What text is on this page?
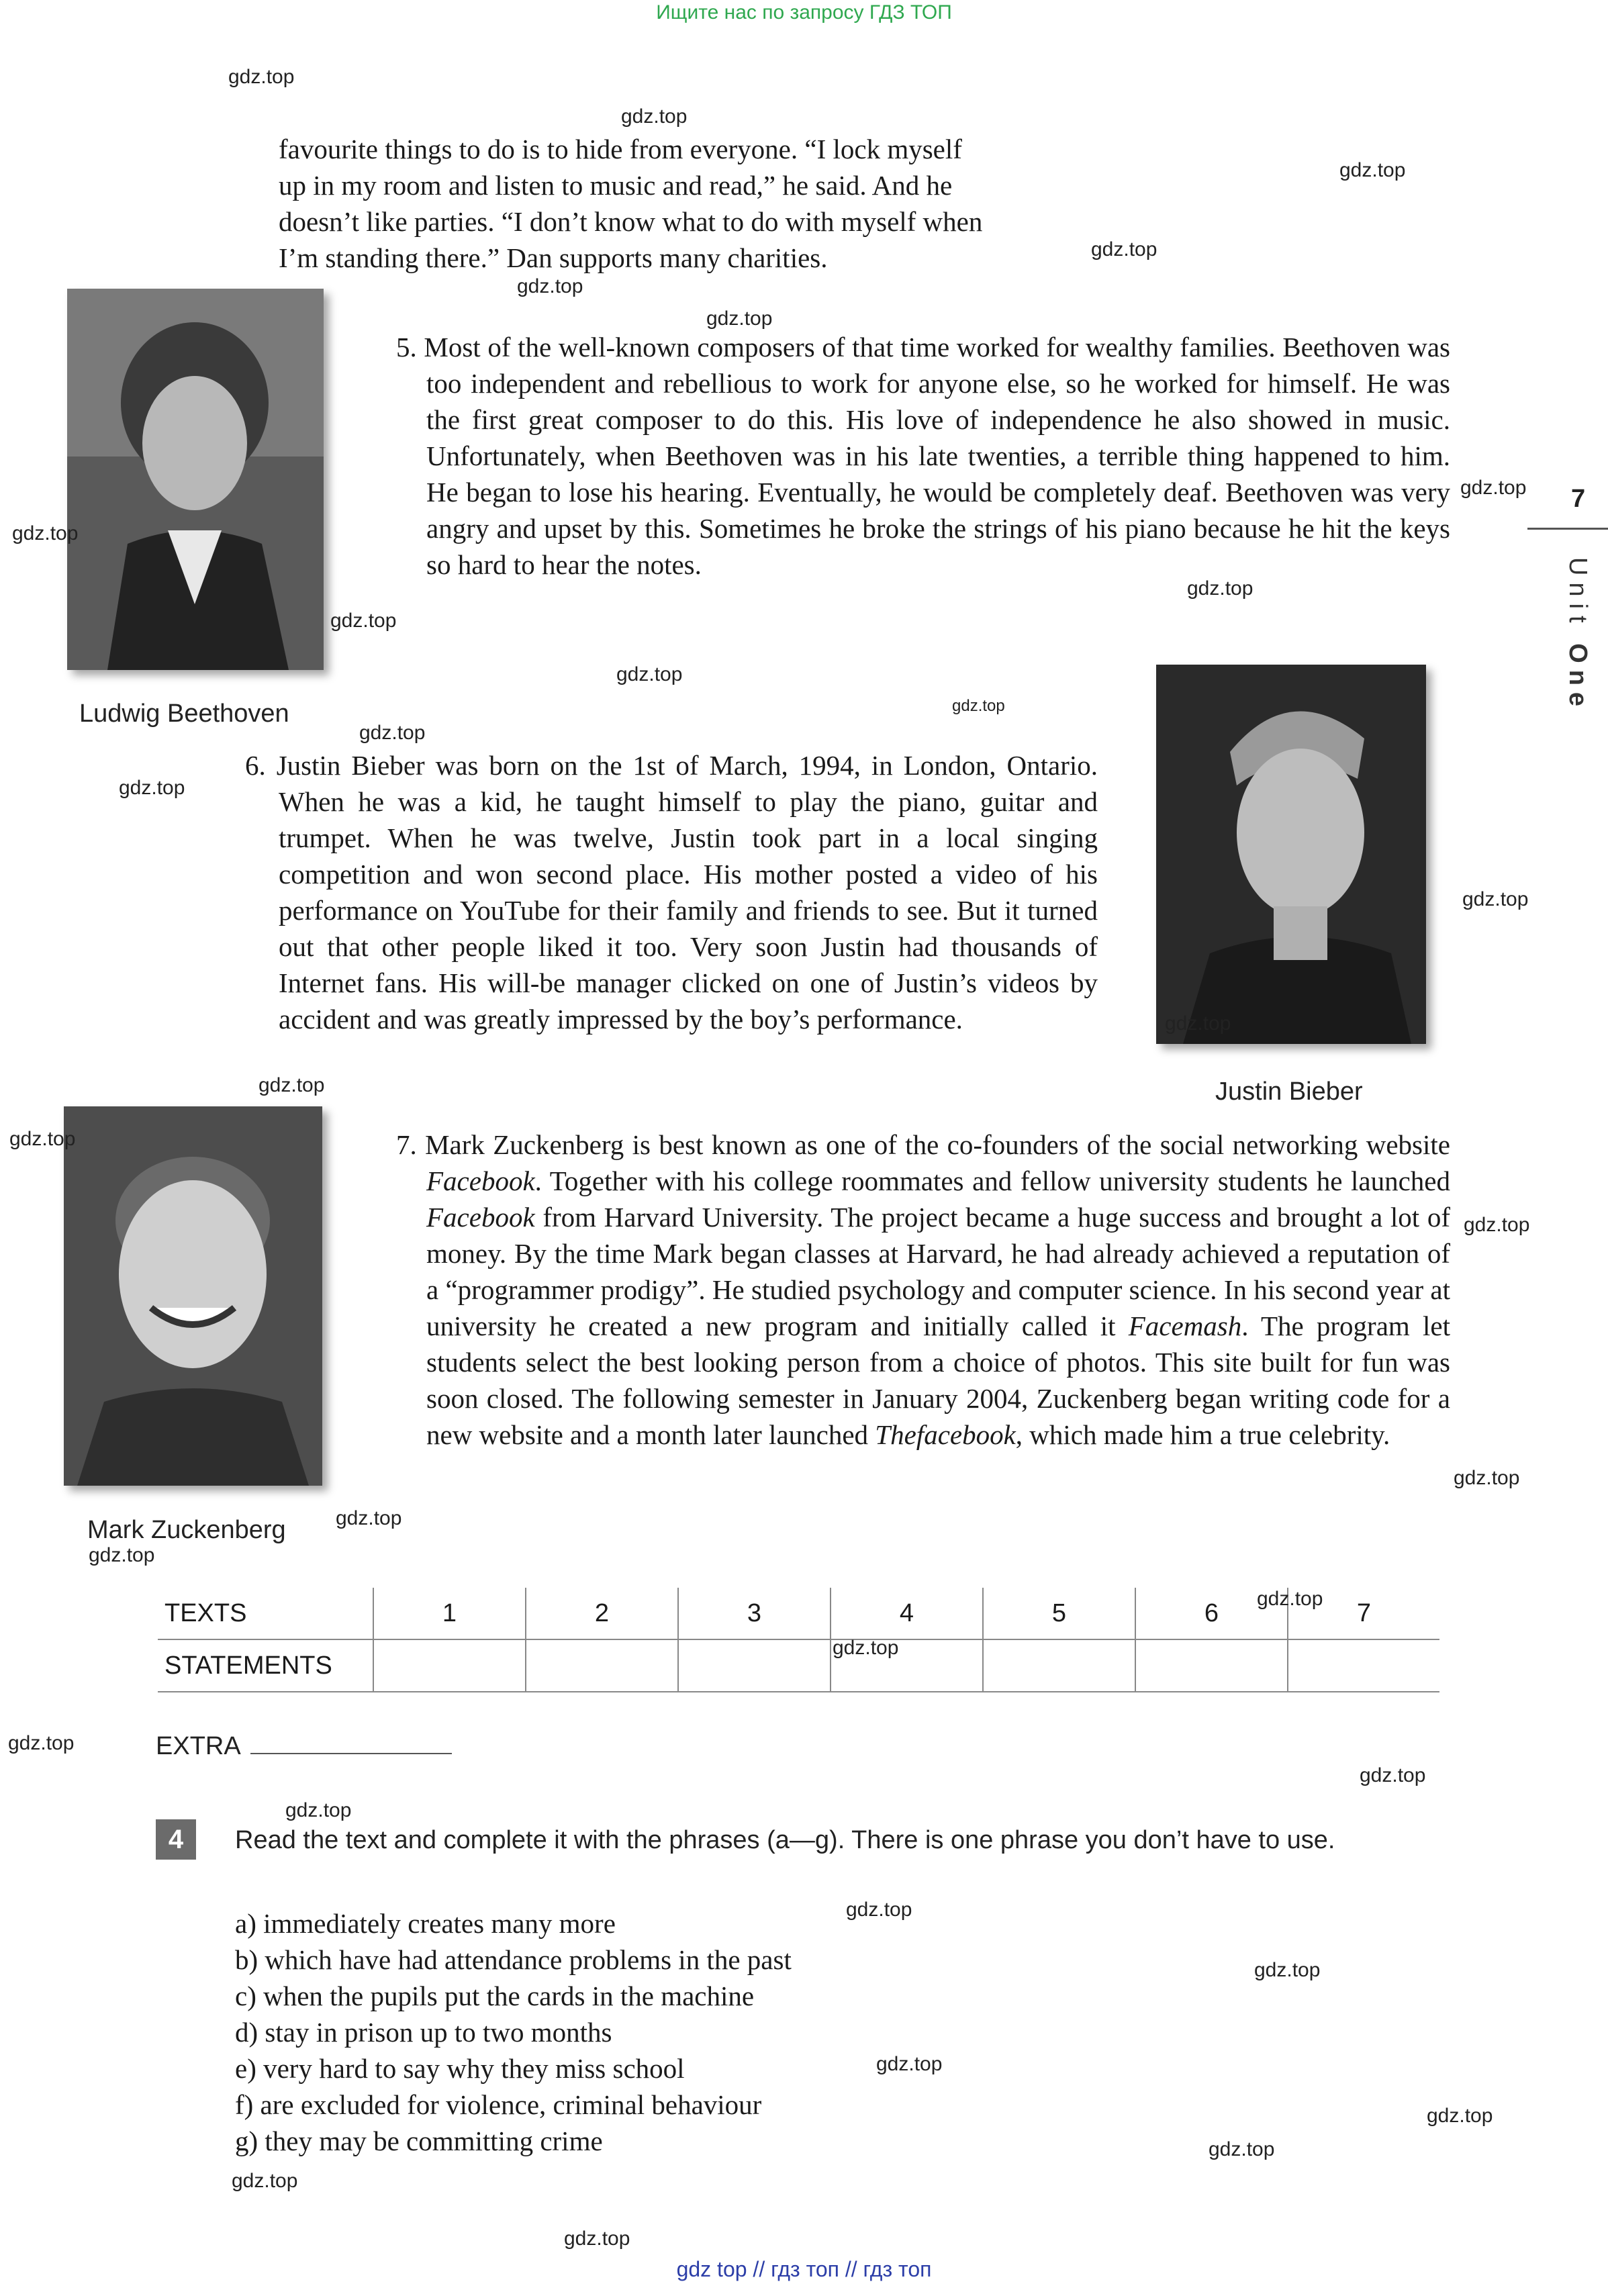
Ищите нас по запросу ГДЗ ТОП

favourite things to do is to hide from everyone. “I lock myself

up in my room and listen to music and read,” he said. And he

doesn’t like parties. “I don’t know what to do with myself when

I’m standing there.” Dan supports many charities.

Ludwig Beethoven

5. Most of the well-known composers of that time worked for wealthy families. Beethoven was too independent and rebellious to work for anyone else, so he worked for himself. He was the first great composer to do this. His love of independence he also showed in music. Unfortunately, when Beethoven was in his late twenties, a terrible thing happened to him. He began to lose his hearing. Eventually, he would be completely deaf. Beethoven was very angry and upset by this. Sometimes he broke the strings of his piano because he hit the keys so hard to hear the notes.

Justin Bieber

6. Justin Bieber was born on the 1st of March, 1994, in London, Ontario. When he was a kid, he taught himself to play the piano, guitar and trumpet. When he was twelve, Justin took part in a local singing competition and won second place. His mother posted a video of his performance on YouTube for their family and friends to see. But it turned out that other people liked it too. Very soon Justin had thousands of Internet fans. His will-be manager clicked on one of Justin’s videos by accident and was greatly impressed by the boy’s performance.

Mark Zuckenberg

7. Mark Zuckenberg is best known as one of the co-founders of the social networking website Facebook. Together with his college roommates and fellow university students he launched Facebook from Harvard University. The project became a huge success and brought a lot of money. By the time Mark began classes at Harvard, he had already achieved a reputation of a “programmer prodigy”. He studied psychology and computer science. In his second year at university he created a new program and initially called it Facemash. The program let students select the best looking person from a choice of photos. This site built for fun was soon closed. The following semester in January 2004, Zuckenberg began writing code for a new website and a month later launched Thefacebook, which made him a true celebrity.

7
Unit One
TEXTS	1	2	3	4	5	6	7
STATEMENTS							
EXTRA
4	Read the text and complete it with the phrases (a—g). There is one phrase you don’t have to use.
a) immediately creates many more
b) which have had attendance problems in the past
c) when the pupils put the cards in the machine
d) stay in prison up to two months
e) very hard to say why they miss school
f) are excluded for violence, criminal behaviour
g) they may be committing crime
gdz.top
gdz.top
gdz.top
gdz.top
gdz.top
gdz.top
gdz.top
gdz.top
gdz.top
gdz.top
gdz.top
gdz.top
gdz.top
gdz.top
gdz.top
gdz.top
gdz.top
gdz.top
gdz.top
gdz.top
gdz.top
gdz.top
gdz.top
gdz.top
gdz.top
gdz.top
gdz.top
gdz.top
gdz.top
gdz.top
gdz.top
gdz.top
gdz.top
gdz.top
gdz top // гдз топ // гдз топ
